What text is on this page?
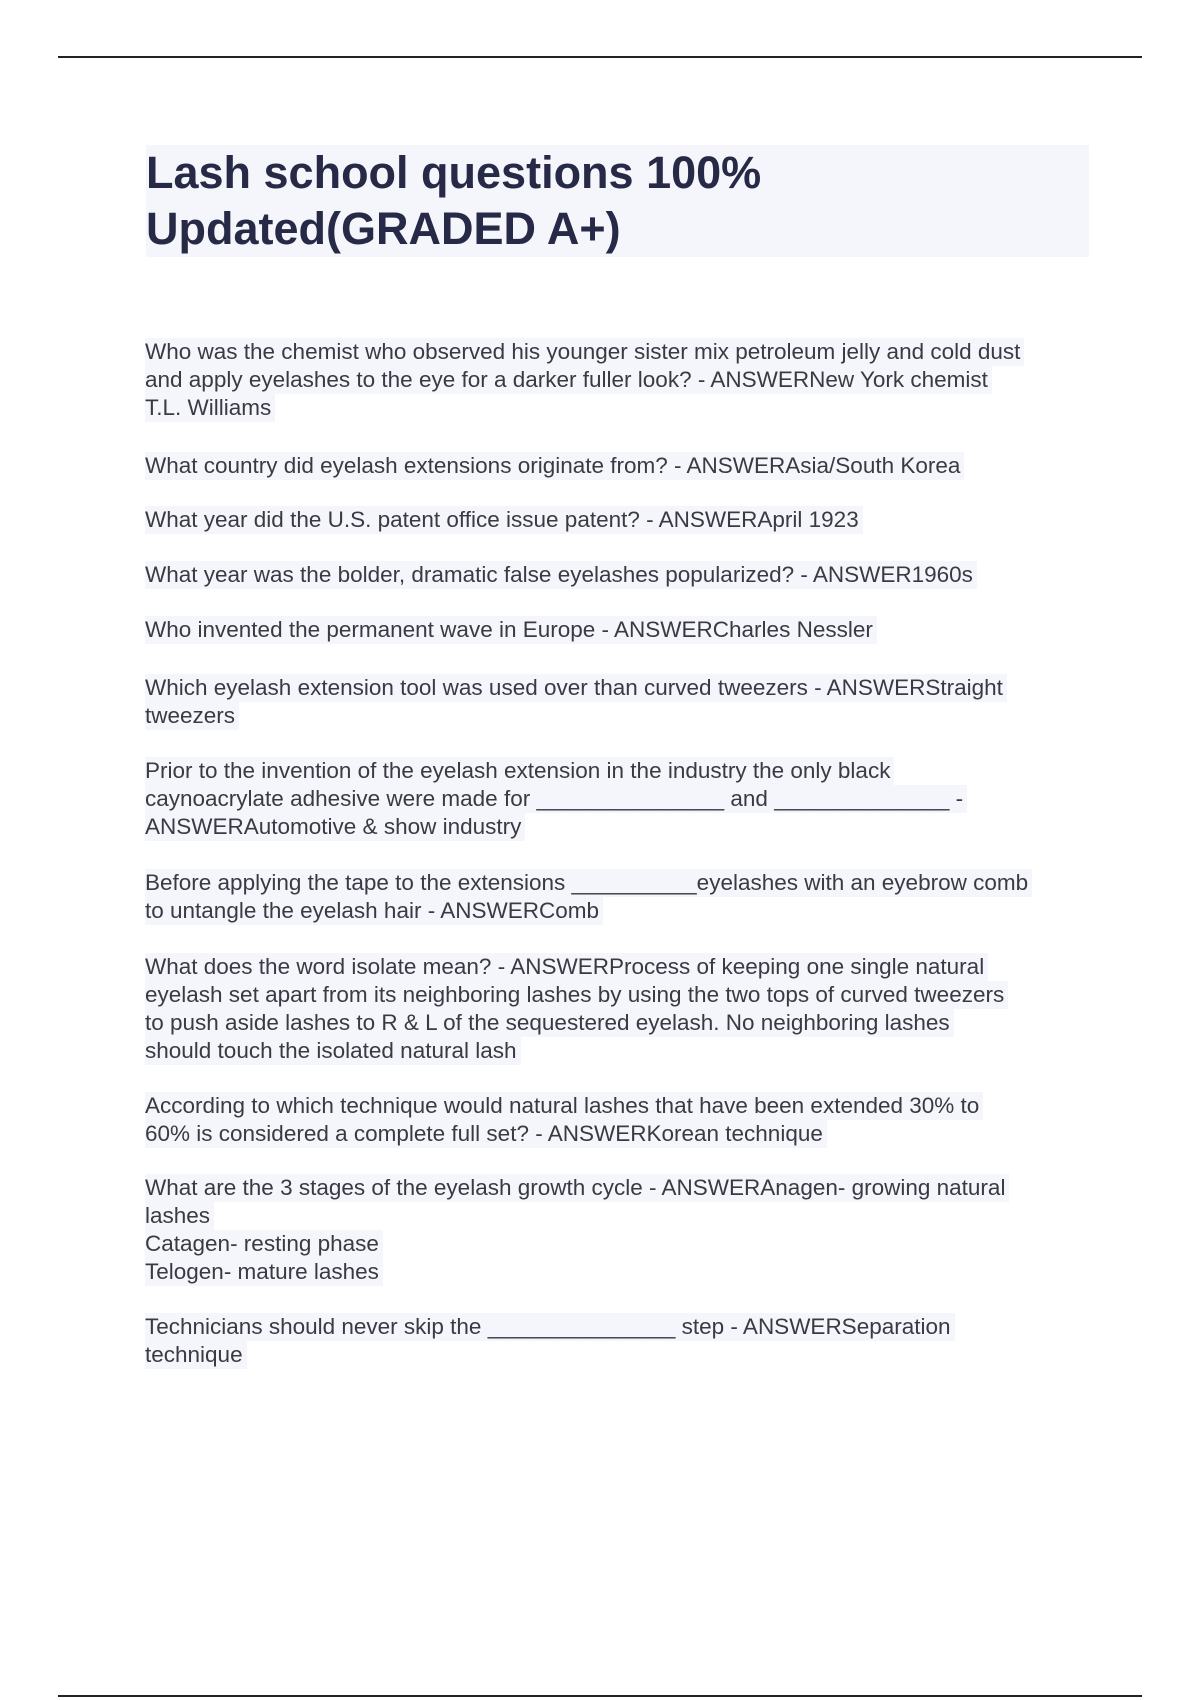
Lash school questions 100%
Updated(GRADED A+)
Who was the chemist who observed his younger sister mix petroleum jelly and cold dust
and apply eyelashes to the eye for a darker fuller look? - ANSWERNew York chemist
T.L. Williams
What country did eyelash extensions originate from? - ANSWERAsia/South Korea
What year did the U.S. patent office issue patent? - ANSWERApril 1923
What year was the bolder, dramatic false eyelashes popularized? - ANSWER1960s
Who invented the permanent wave in Europe - ANSWERCharles Nessler
Which eyelash extension tool was used over than curved tweezers - ANSWERStraight
tweezers
Prior to the invention of the eyelash extension in the industry the only black
caynoacrylate adhesive were made for _______________ and ______________ -
ANSWERAutomotive & show industry
Before applying the tape to the extensions __________eyelashes with an eyebrow comb
to untangle the eyelash hair - ANSWERComb
What does the word isolate mean? - ANSWERProcess of keeping one single natural
eyelash set apart from its neighboring lashes by using the two tops of curved tweezers
to push aside lashes to R & L of the sequestered eyelash. No neighboring lashes
should touch the isolated natural lash
According to which technique would natural lashes that have been extended 30% to
60% is considered a complete full set? - ANSWERKorean technique
What are the 3 stages of the eyelash growth cycle - ANSWERAnagen- growing natural
lashes
Catagen- resting phase
Telogen- mature lashes
Technicians should never skip the _______________ step - ANSWERSeparation
technique
